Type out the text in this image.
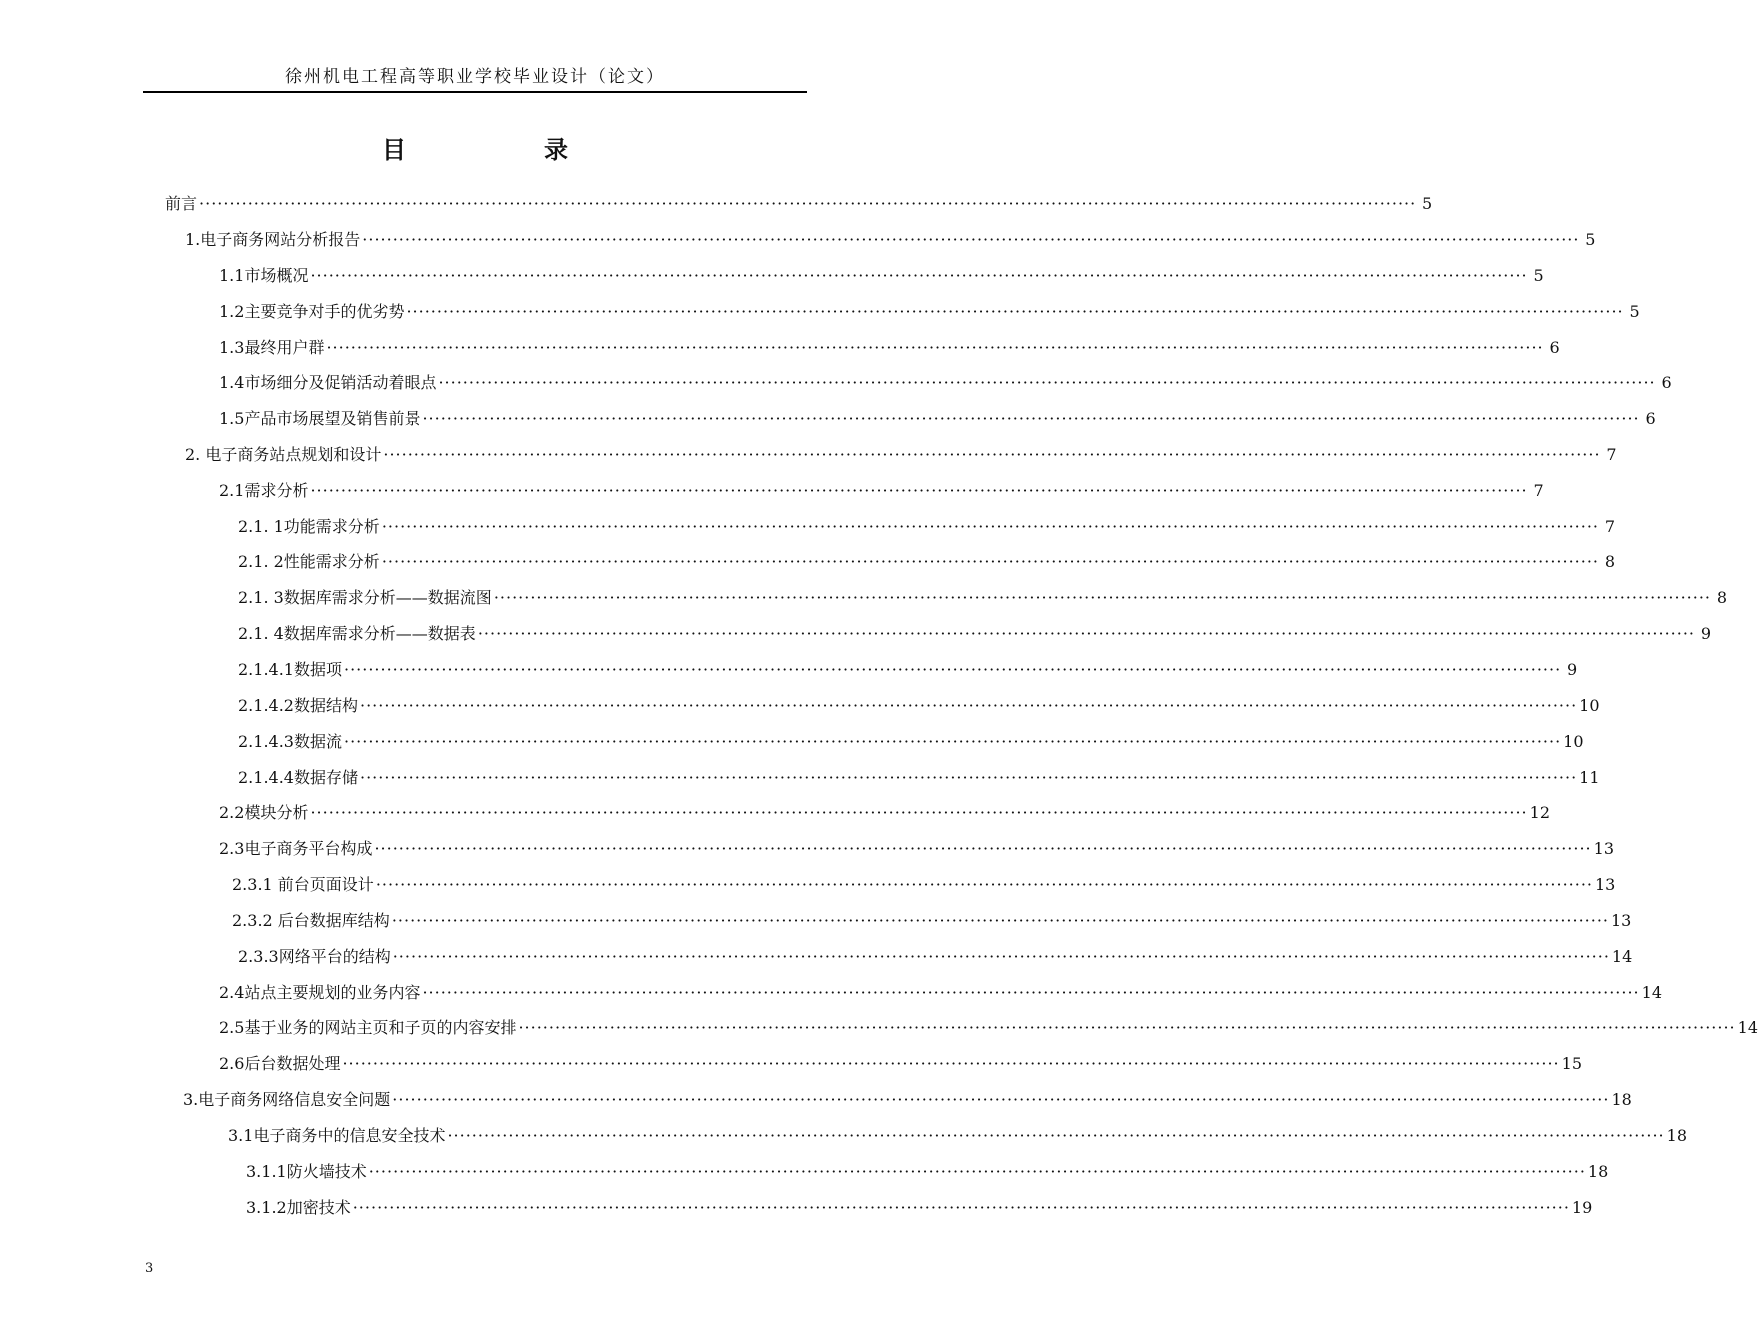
徐州机电工程高等职业学校毕业设计（论文）
目　　录
前言 ········································································································································································································ 5
1.电子商务网站分析报告 ········································································································································································································ 5
1.1市场概况 ········································································································································································································ 5
1.2主要竞争对手的优劣势 ········································································································································································································ 5
1.3最终用户群 ········································································································································································································ 6
1.4市场细分及促销活动着眼点 ········································································································································································································ 6
1.5产品市场展望及销售前景 ········································································································································································································ 6
2. 电子商务站点规划和设计 ········································································································································································································ 7
2.1需求分析 ········································································································································································································ 7
2.1. 1功能需求分析 ········································································································································································································ 7
2.1. 2性能需求分析 ········································································································································································································ 8
2.1. 3数据库需求分析——数据流图 ········································································································································································································ 8
2.1. 4数据库需求分析——数据表 ········································································································································································································ 9
2.1.4.1数据项 ········································································································································································································ 9
2.1.4.2数据结构 ········································································································································································································ 10
2.1.4.3数据流 ········································································································································································································ 10
2.1.4.4数据存储 ········································································································································································································ 11
2.2模块分析 ········································································································································································································ 12
2.3电子商务平台构成 ········································································································································································································ 13
2.3.1 前台页面设计 ········································································································································································································ 13
2.3.2 后台数据库结构 ········································································································································································································ 13
2.3.3网络平台的结构 ········································································································································································································ 14
2.4站点主要规划的业务内容 ········································································································································································································ 14
2.5基于业务的网站主页和子页的内容安排 ········································································································································································································ 14
2.6后台数据处理 ········································································································································································································ 15
3.电子商务网络信息安全问题 ········································································································································································································ 18
3.1电子商务中的信息安全技术 ········································································································································································································ 18
3.1.1防火墙技术 ········································································································································································································ 18
3.1.2加密技术 ········································································································································································································ 19
3
